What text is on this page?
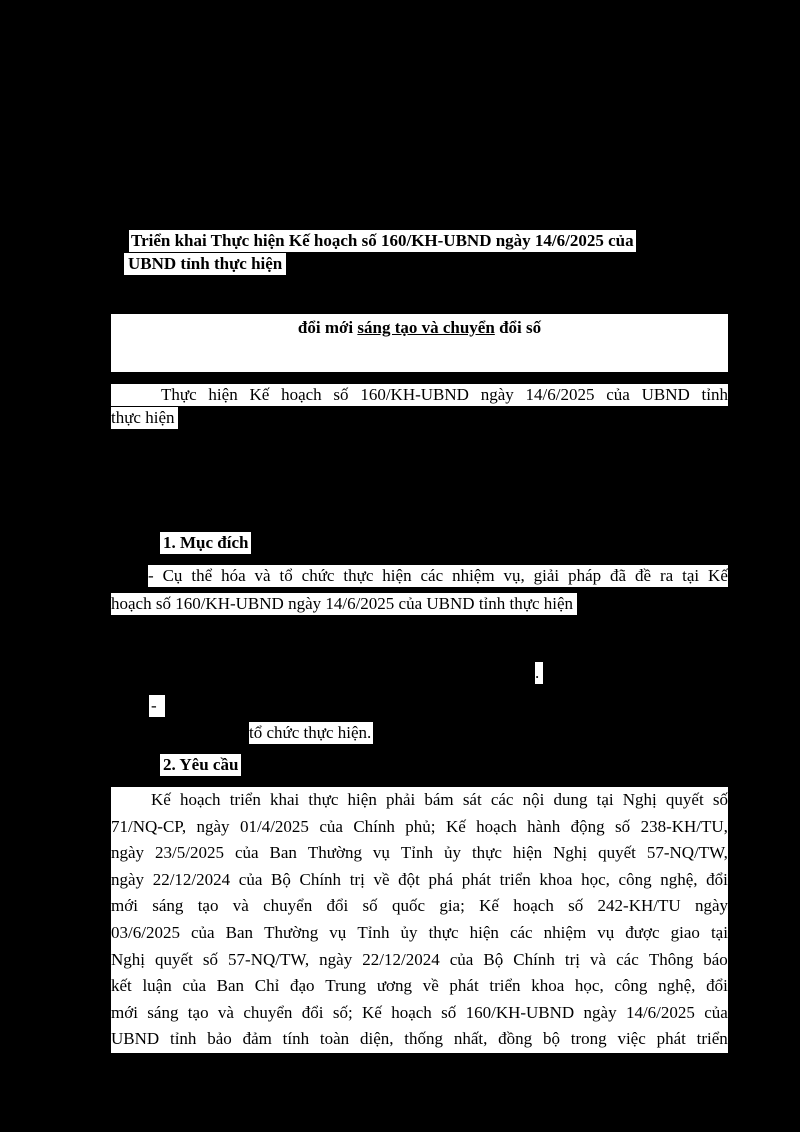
Triển khai Thực hiện Kế hoạch số 160/KH-UBND ngày 14/6/2025 của
UBND tỉnh thực hiện
đổi mới sáng tạo và chuyển đổi số
Thực hiện Kế hoạch số 160/KH-UBND ngày 14/6/2025 của UBND tỉnh
thực hiện
1. Mục đích
- Cụ thể hóa và tổ chức thực hiện các nhiệm vụ, giải pháp đã đề ra tại Kế
hoạch số 160/KH-UBND ngày 14/6/2025 của UBND tỉnh thực hiện
.
-
tổ chức thực hiện.
2. Yêu cầu
Kế hoạch triển khai thực hiện phải bám sát các nội dung tại Nghị quyết số
71/NQ-CP, ngày 01/4/2025 của Chính phủ; Kế hoạch hành động số 238-KH/TU,
ngày 23/5/2025 của Ban Thường vụ Tỉnh ủy thực hiện Nghị quyết 57-NQ/TW,
ngày 22/12/2024 của Bộ Chính trị về đột phá phát triển khoa học, công nghệ, đổi
mới sáng tạo và chuyển đổi số quốc gia; Kế hoạch số 242-KH/TU ngày
03/6/2025 của Ban Thường vụ Tỉnh ủy thực hiện các nhiệm vụ được giao tại
Nghị quyết số 57-NQ/TW, ngày 22/12/2024 của Bộ Chính trị và các Thông báo
kết luận của Ban Chỉ đạo Trung ương về phát triển khoa học, công nghệ, đổi
mới sáng tạo và chuyển đổi số; Kế hoạch số 160/KH-UBND ngày 14/6/2025 của
UBND tỉnh bảo đảm tính toàn diện, thống nhất, đồng bộ trong việc phát triển
